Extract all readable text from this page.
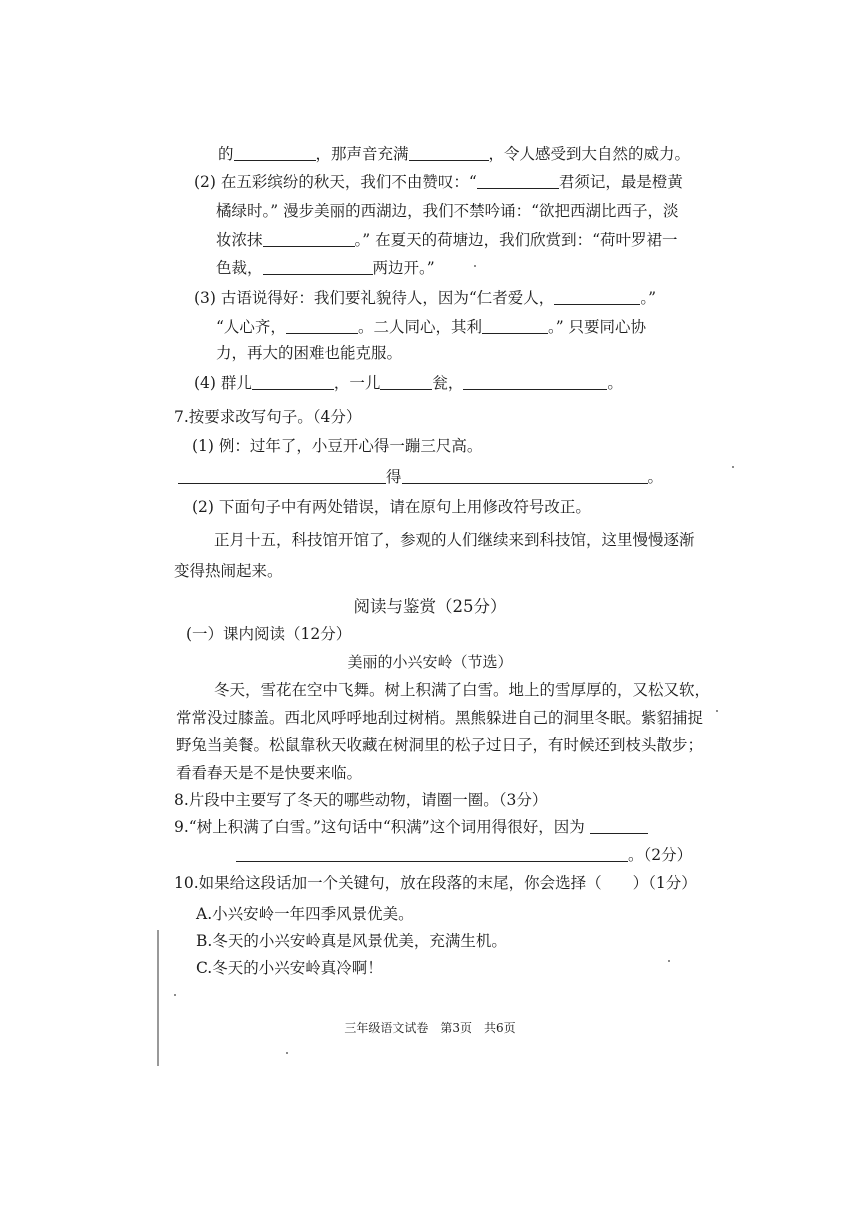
的	，那声音充满	，令人感受到大自然的威力。
(2) 在五彩缤纷的秋天，我们不由赞叹：“	君须记，最是橙黄
橘绿时。” 漫步美丽的西湖边，我们不禁吟诵：“欲把西湖比西子，淡
妆浓抹	。” 在夏天的荷塘边，我们欣赏到：“荷叶罗裙一
色裁，	两边开。”
(3) 古语说得好：我们要礼貌待人，因为“仁者爱人，	。”
“人心齐，	。二人同心，其利	。” 只要同心协
力，再大的困难也能克服。
(4) 群儿	，一儿	瓮，	。
7.按要求改写句子。（4分）
(1) 例：过年了，小豆开心得一蹦三尺高。
得	。
(2) 下面句子中有两处错误，请在原句上用修改符号改正。
正月十五，科技馆开馆了，参观的人们继续来到科技馆，这里慢慢逐渐
变得热闹起来。
阅读与鉴赏（25分）
(一）课内阅读（12分）
美丽的小兴安岭（节选）
冬天，雪花在空中飞舞。树上积满了白雪。地上的雪厚厚的，又松又软，
常常没过膝盖。西北风呼呼地刮过树梢。黑熊躲进自己的洞里冬眠。紫貂捕捉
野兔当美餐。松鼠靠秋天收藏在树洞里的松子过日子，有时候还到枝头散步；
看看春天是不是快要来临。
8.片段中主要写了冬天的哪些动物，请圈一圈。（3分）
9.“树上积满了白雪。”这句话中“积满”这个词用得很好，因为
。（2分）
10.如果给这段话加一个关键句，放在段落的末尾，你会选择（　　）（1分）
A.小兴安岭一年四季风景优美。
B.冬天的小兴安岭真是风景优美，充满生机。
C.冬天的小兴安岭真冷啊！
三年级语文试卷　第3页　共6页
